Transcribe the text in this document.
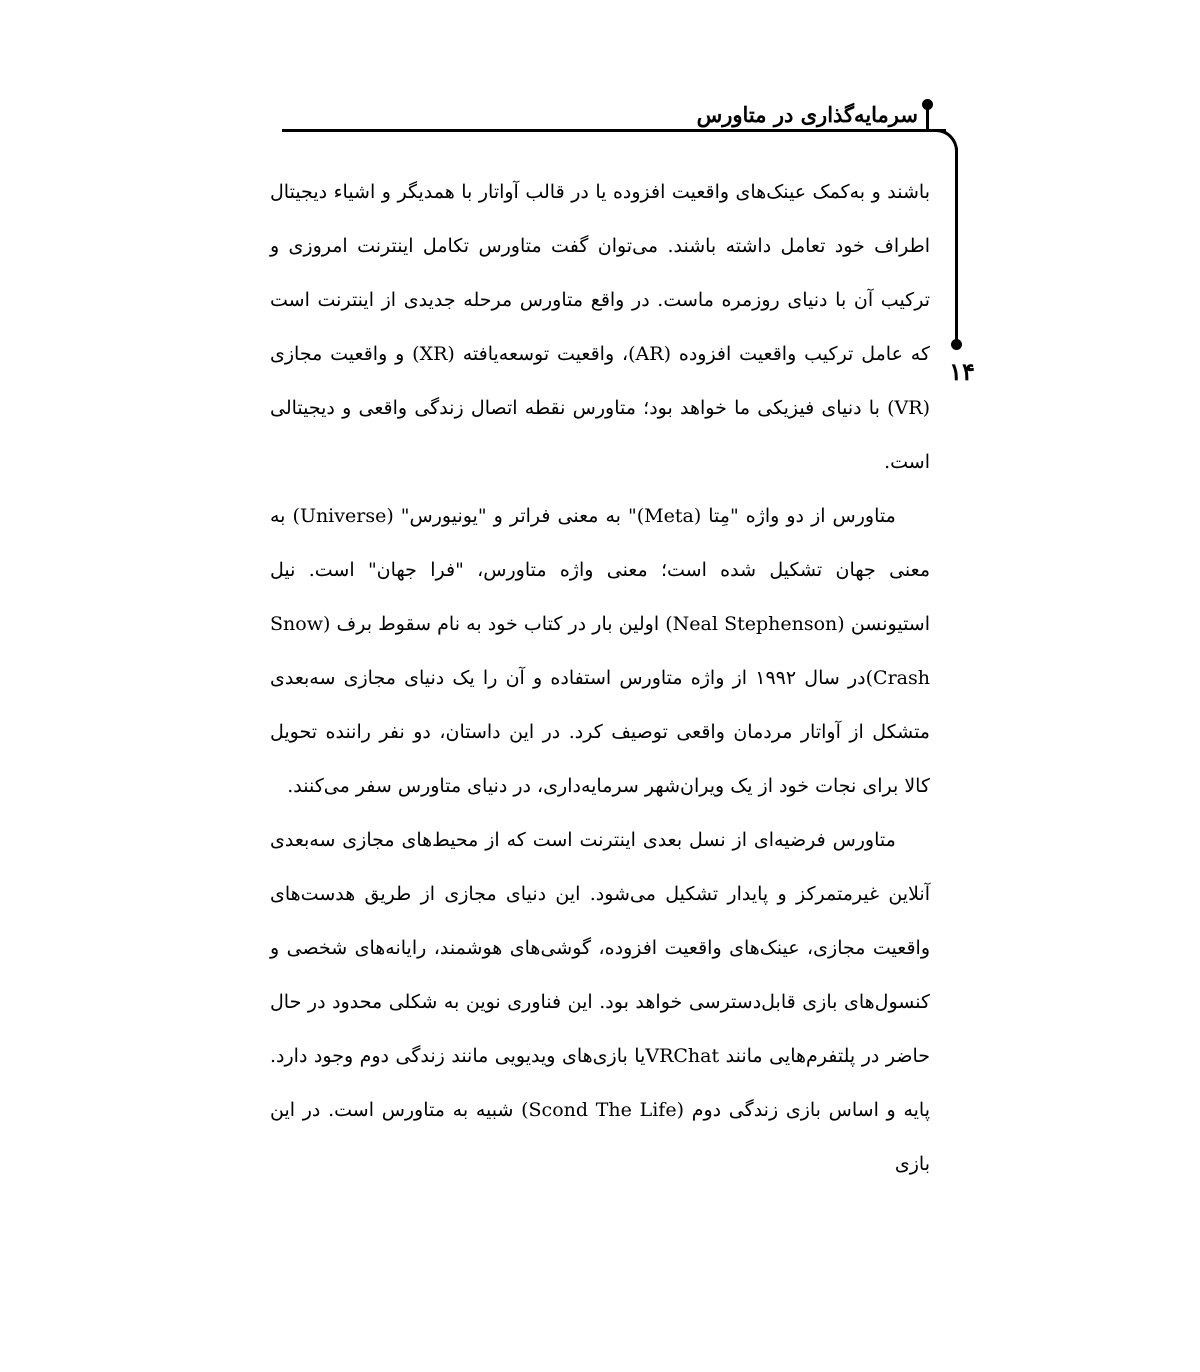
سرمایه‌گذاری در متاورس
۱۴

باشند و به‌کمک عینک‌های واقعیت افزوده یا در قالب آواتار با همدیگر و اشیاء دیجیتال اطراف خود تعامل داشته باشند. می‌توان گفت متاورس تکامل اینترنت امروزی و ترکیب آن با دنیای روزمره ماست. در واقع متاورس مرحله جدیدی از اینترنت است که عامل ترکیب واقعیت افزوده (AR)، واقعیت توسعه‌یافته (XR) و واقعیت مجازی (VR) با دنیای فیزیکی ما خواهد بود؛ متاورس نقطه اتصال زندگی واقعی و دیجیتالی است.

متاورس از دو واژه "مِتا (Meta)" به معنی فراتر و "یونیورس" (Universe) به معنی جهان تشکیل شده است؛ معنی واژه متاورس، "فرا جهان" است. نیل استیونسن (Neal Stephenson) اولین بار در کتاب خود به نام سقوط برف (Snow Crash)در سال ۱۹۹۲ از واژه متاورس استفاده و آن را یک دنیای مجازی سه‌بعدی متشکل از آواتار مردمان واقعی توصیف کرد. در این داستان، دو نفر راننده تحویل کالا برای نجات خود از یک ویران‌شهر سرمایه‌داری، در دنیای متاورس سفر می‌کنند.

متاورس فرضیه‌ای از نسل بعدی اینترنت است که از محیط‌های مجازی سه‌بعدی آنلاین غیرمتمرکز و پایدار تشکیل می‌شود. این دنیای مجازی از طریق هدست‌های واقعیت مجازی، عینک‌های واقعیت افزوده، گوشی‌های هوشمند، رایانه‌های شخصی و کنسول‌های بازی قابل‌دسترسی خواهد بود. این فناوری نوین به شکلی محدود در حال حاضر در پلتفرم‌هایی مانند VRChatیا بازی‌های ویدیویی مانند زندگی دوم وجود دارد. پایه و اساس بازی زندگی دوم (Scond The Life) شبیه به متاورس است. در این بازی
